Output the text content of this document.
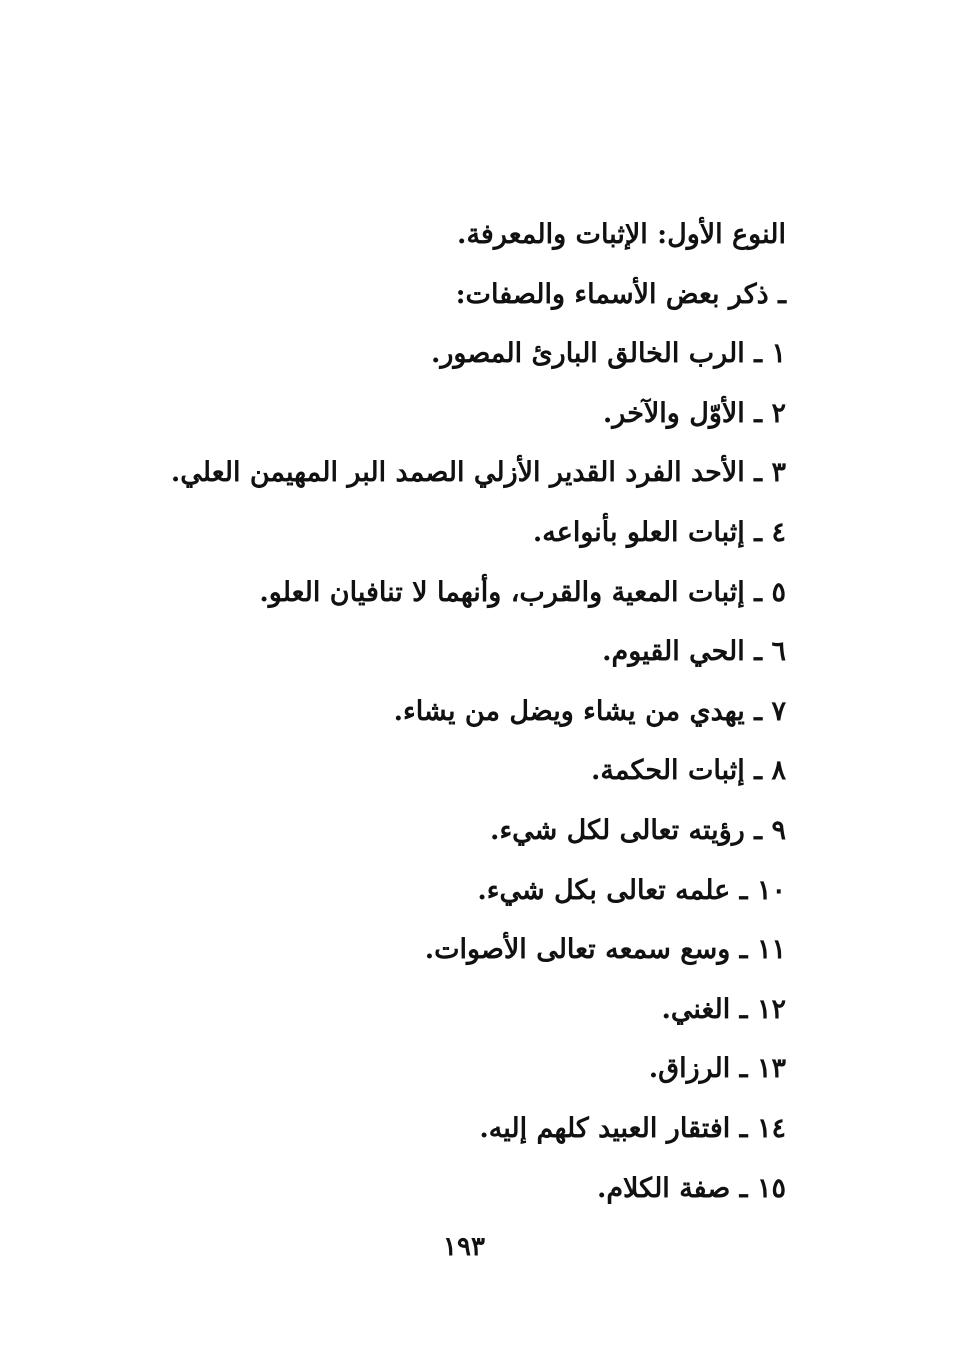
النوع الأول: الإثبات والمعرفة.
ـ ذكر بعض الأسماء والصفات:
١ ـ الرب الخالق البارئ المصور.
٢ ـ الأوّل والآخر.
٣ ـ الأحد الفرد القدير الأزلي الصمد البر المهيمن العلي.
٤ ـ إثبات العلو بأنواعه.
٥ ـ إثبات المعية والقرب، وأنهما لا تنافيان العلو.
٦ ـ الحي القيوم.
٧ ـ يهدي من يشاء ويضل من يشاء.
٨ ـ إثبات الحكمة.
٩ ـ رؤيته تعالى لكل شيء.
١٠ ـ علمه تعالى بكل شيء.
١١ ـ وسع سمعه تعالى الأصوات.
١٢ ـ الغني.
١٣ ـ الرزاق.
١٤ ـ افتقار العبيد كلهم إليه.
١٥ ـ صفة الكلام.
١٩٣
